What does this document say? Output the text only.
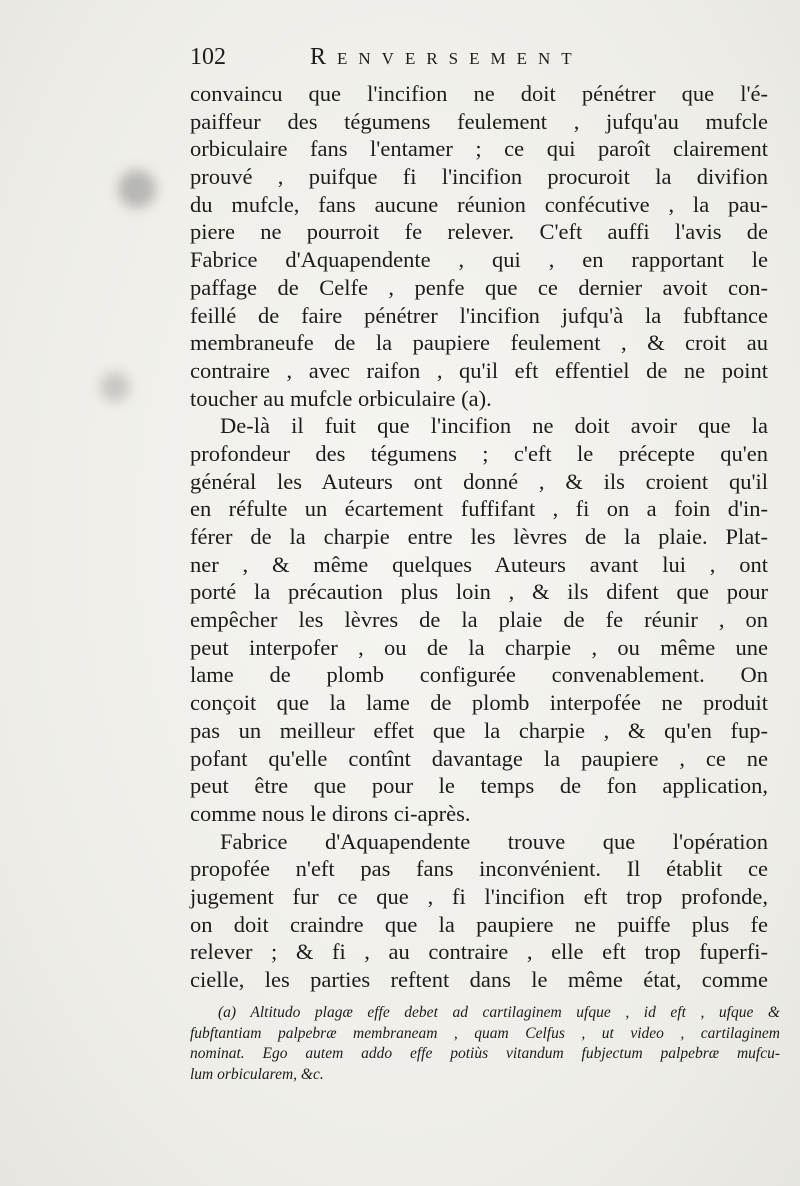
102	Renversement
convaincu que l'incifion ne doit pénétrer que l'é-
paiffeur des tégumens feulement , jufqu'au mufcle
orbiculaire fans l'entamer ; ce qui paroît clairement
prouvé , puifque fi l'incifion procuroit la divifion
du mufcle, fans aucune réunion confécutive , la pau-
piere ne pourroit fe relever. C'eft auffi l'avis de
Fabrice d'Aquapendente , qui , en rapportant le
paffage de Celfe , penfe que ce dernier avoit con-
feillé de faire pénétrer l'incifion jufqu'à la fubftance
membraneufe de la paupiere feulement , & croit au
contraire , avec raifon , qu'il eft effentiel de ne point
toucher au mufcle orbiculaire (a).
De-là il fuit que l'incifion ne doit avoir que la
profondeur des tégumens ; c'eft le précepte qu'en
général les Auteurs ont donné , & ils croient qu'il
en réfulte un écartement fuffifant , fi on a foin d'in-
férer de la charpie entre les lèvres de la plaie. Plat-
ner , & même quelques Auteurs avant lui , ont
porté la précaution plus loin , & ils difent que pour
empêcher les lèvres de la plaie de fe réunir , on
peut interpofer , ou de la charpie , ou même une
lame de plomb configurée convenablement. On
conçoit que la lame de plomb interpofée ne produit
pas un meilleur effet que la charpie , & qu'en fup-
pofant qu'elle contînt davantage la paupiere , ce ne
peut être que pour le temps de fon application,
comme nous le dirons ci-après.
Fabrice d'Aquapendente trouve que l'opération
propofée n'eft pas fans inconvénient. Il établit ce
jugement fur ce que , fi l'incifion eft trop profonde,
on doit craindre que la paupiere ne puiffe plus fe
relever ; & fi , au contraire , elle eft trop fuperfi-
cielle, les parties reftent dans le même état, comme
(a) Altitudo plagæ effe debet ad cartilaginem ufque , id eft , ufque &
fubftantiam palpebræ membraneam , quam Celfus , ut video , cartilaginem
nominat. Ego autem addo effe potiùs vitandum fubjectum palpebræ mufcu-
lum orbicularem, &c.
